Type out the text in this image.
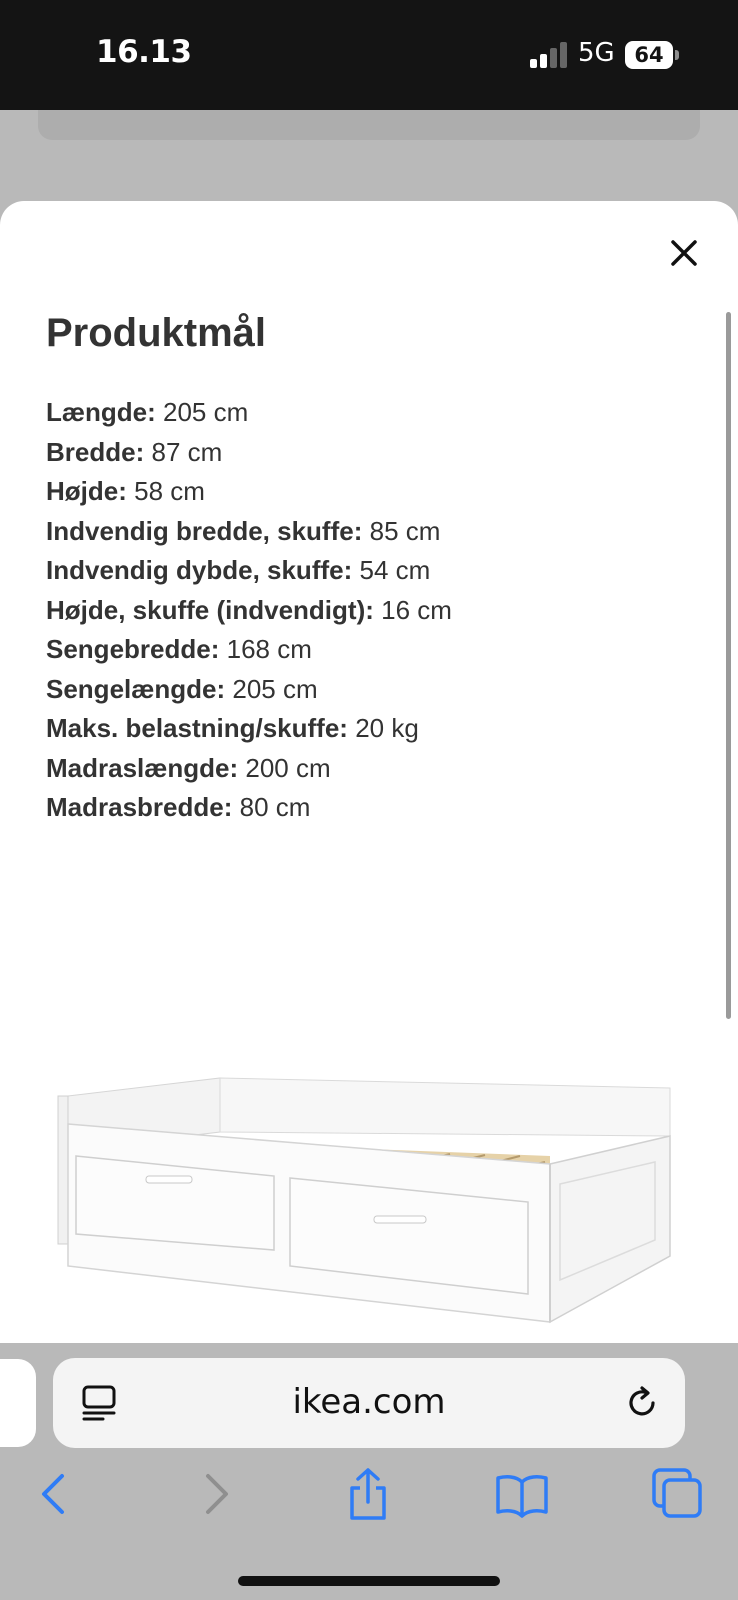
16.13	5G 64
Produktmål
Længde: 205 cm
Bredde: 87 cm
Højde: 58 cm
Indvendig bredde, skuffe: 85 cm
Indvendig dybde, skuffe: 54 cm
Højde, skuffe (indvendigt): 16 cm
Sengebredde: 168 cm
Sengelængde: 205 cm
Maks. belastning/skuffe: 20 kg
Madraslængde: 200 cm
Madrasbredde: 80 cm
ikea.com
